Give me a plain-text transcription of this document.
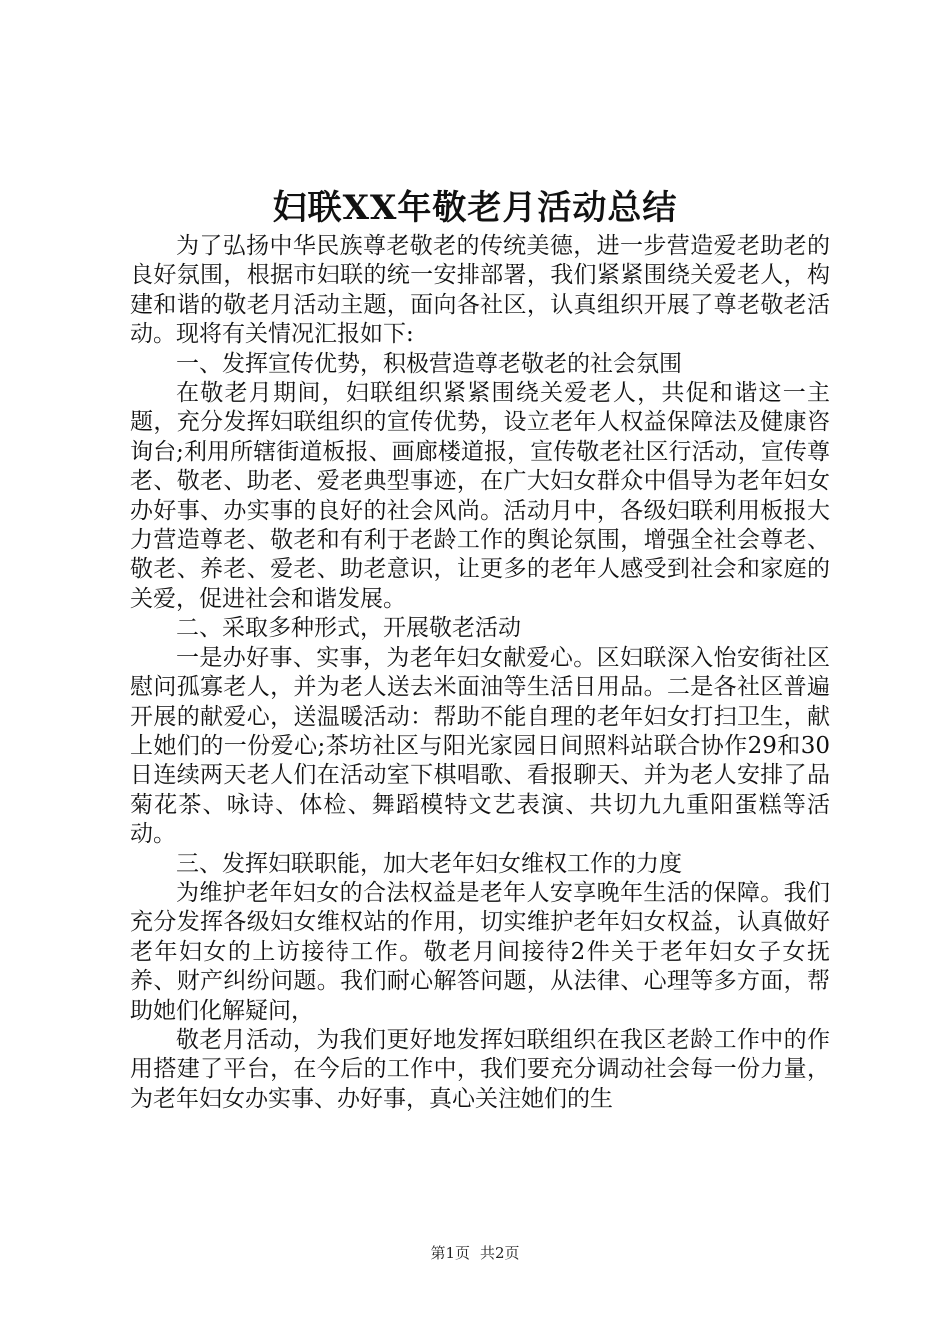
妇联XX年敬老月活动总结

为了弘扬中华民族尊老敬老的传统美德，进一步营造爱老助老的良好氛围，根据市妇联的统一安排部署，我们紧紧围绕关爱老人，构建和谐的敬老月活动主题，面向各社区，认真组织开展了尊老敬老活动。现将有关情况汇报如下:

一、发挥宣传优势，积极营造尊老敬老的社会氛围

在敬老月期间，妇联组织紧紧围绕关爱老人，共促和谐这一主题，充分发挥妇联组织的宣传优势，设立老年人权益保障法及健康咨询台;利用所辖街道板报、画廊楼道报，宣传敬老社区行活动，宣传尊老、敬老、助老、爱老典型事迹，在广大妇女群众中倡导为老年妇女办好事、办实事的良好的社会风尚。活动月中，各级妇联利用板报大力营造尊老、敬老和有利于老龄工作的舆论氛围，增强全社会尊老、敬老、养老、爱老、助老意识，让更多的老年人感受到社会和家庭的关爱，促进社会和谐发展。

二、采取多种形式，开展敬老活动

一是办好事、实事，为老年妇女献爱心。区妇联深入怡安街社区慰问孤寡老人，并为老人送去米面油等生活日用品。二是各社区普遍开展的献爱心，送温暖活动：帮助不能自理的老年妇女打扫卫生，献上她们的一份爱心;茶坊社区与阳光家园日间照料站联合协作29和30日连续两天老人们在活动室下棋唱歌、看报聊天、并为老人安排了品菊花茶、咏诗、体检、舞蹈模特文艺表演、共切九九重阳蛋糕等活动。

三、发挥妇联职能，加大老年妇女维权工作的力度

为维护老年妇女的合法权益是老年人安享晚年生活的保障。我们充分发挥各级妇女维权站的作用，切实维护老年妇女权益，认真做好老年妇女的上访接待工作。敬老月间接待2件关于老年妇女子女抚养、财产纠纷问题。我们耐心解答问题，从法律、心理等多方面，帮助她们化解疑问，

敬老月活动，为我们更好地发挥妇联组织在我区老龄工作中的作用搭建了平台，在今后的工作中，我们要充分调动社会每一份力量，为老年妇女办实事、办好事，真心关注她们的生

第1页 共2页
